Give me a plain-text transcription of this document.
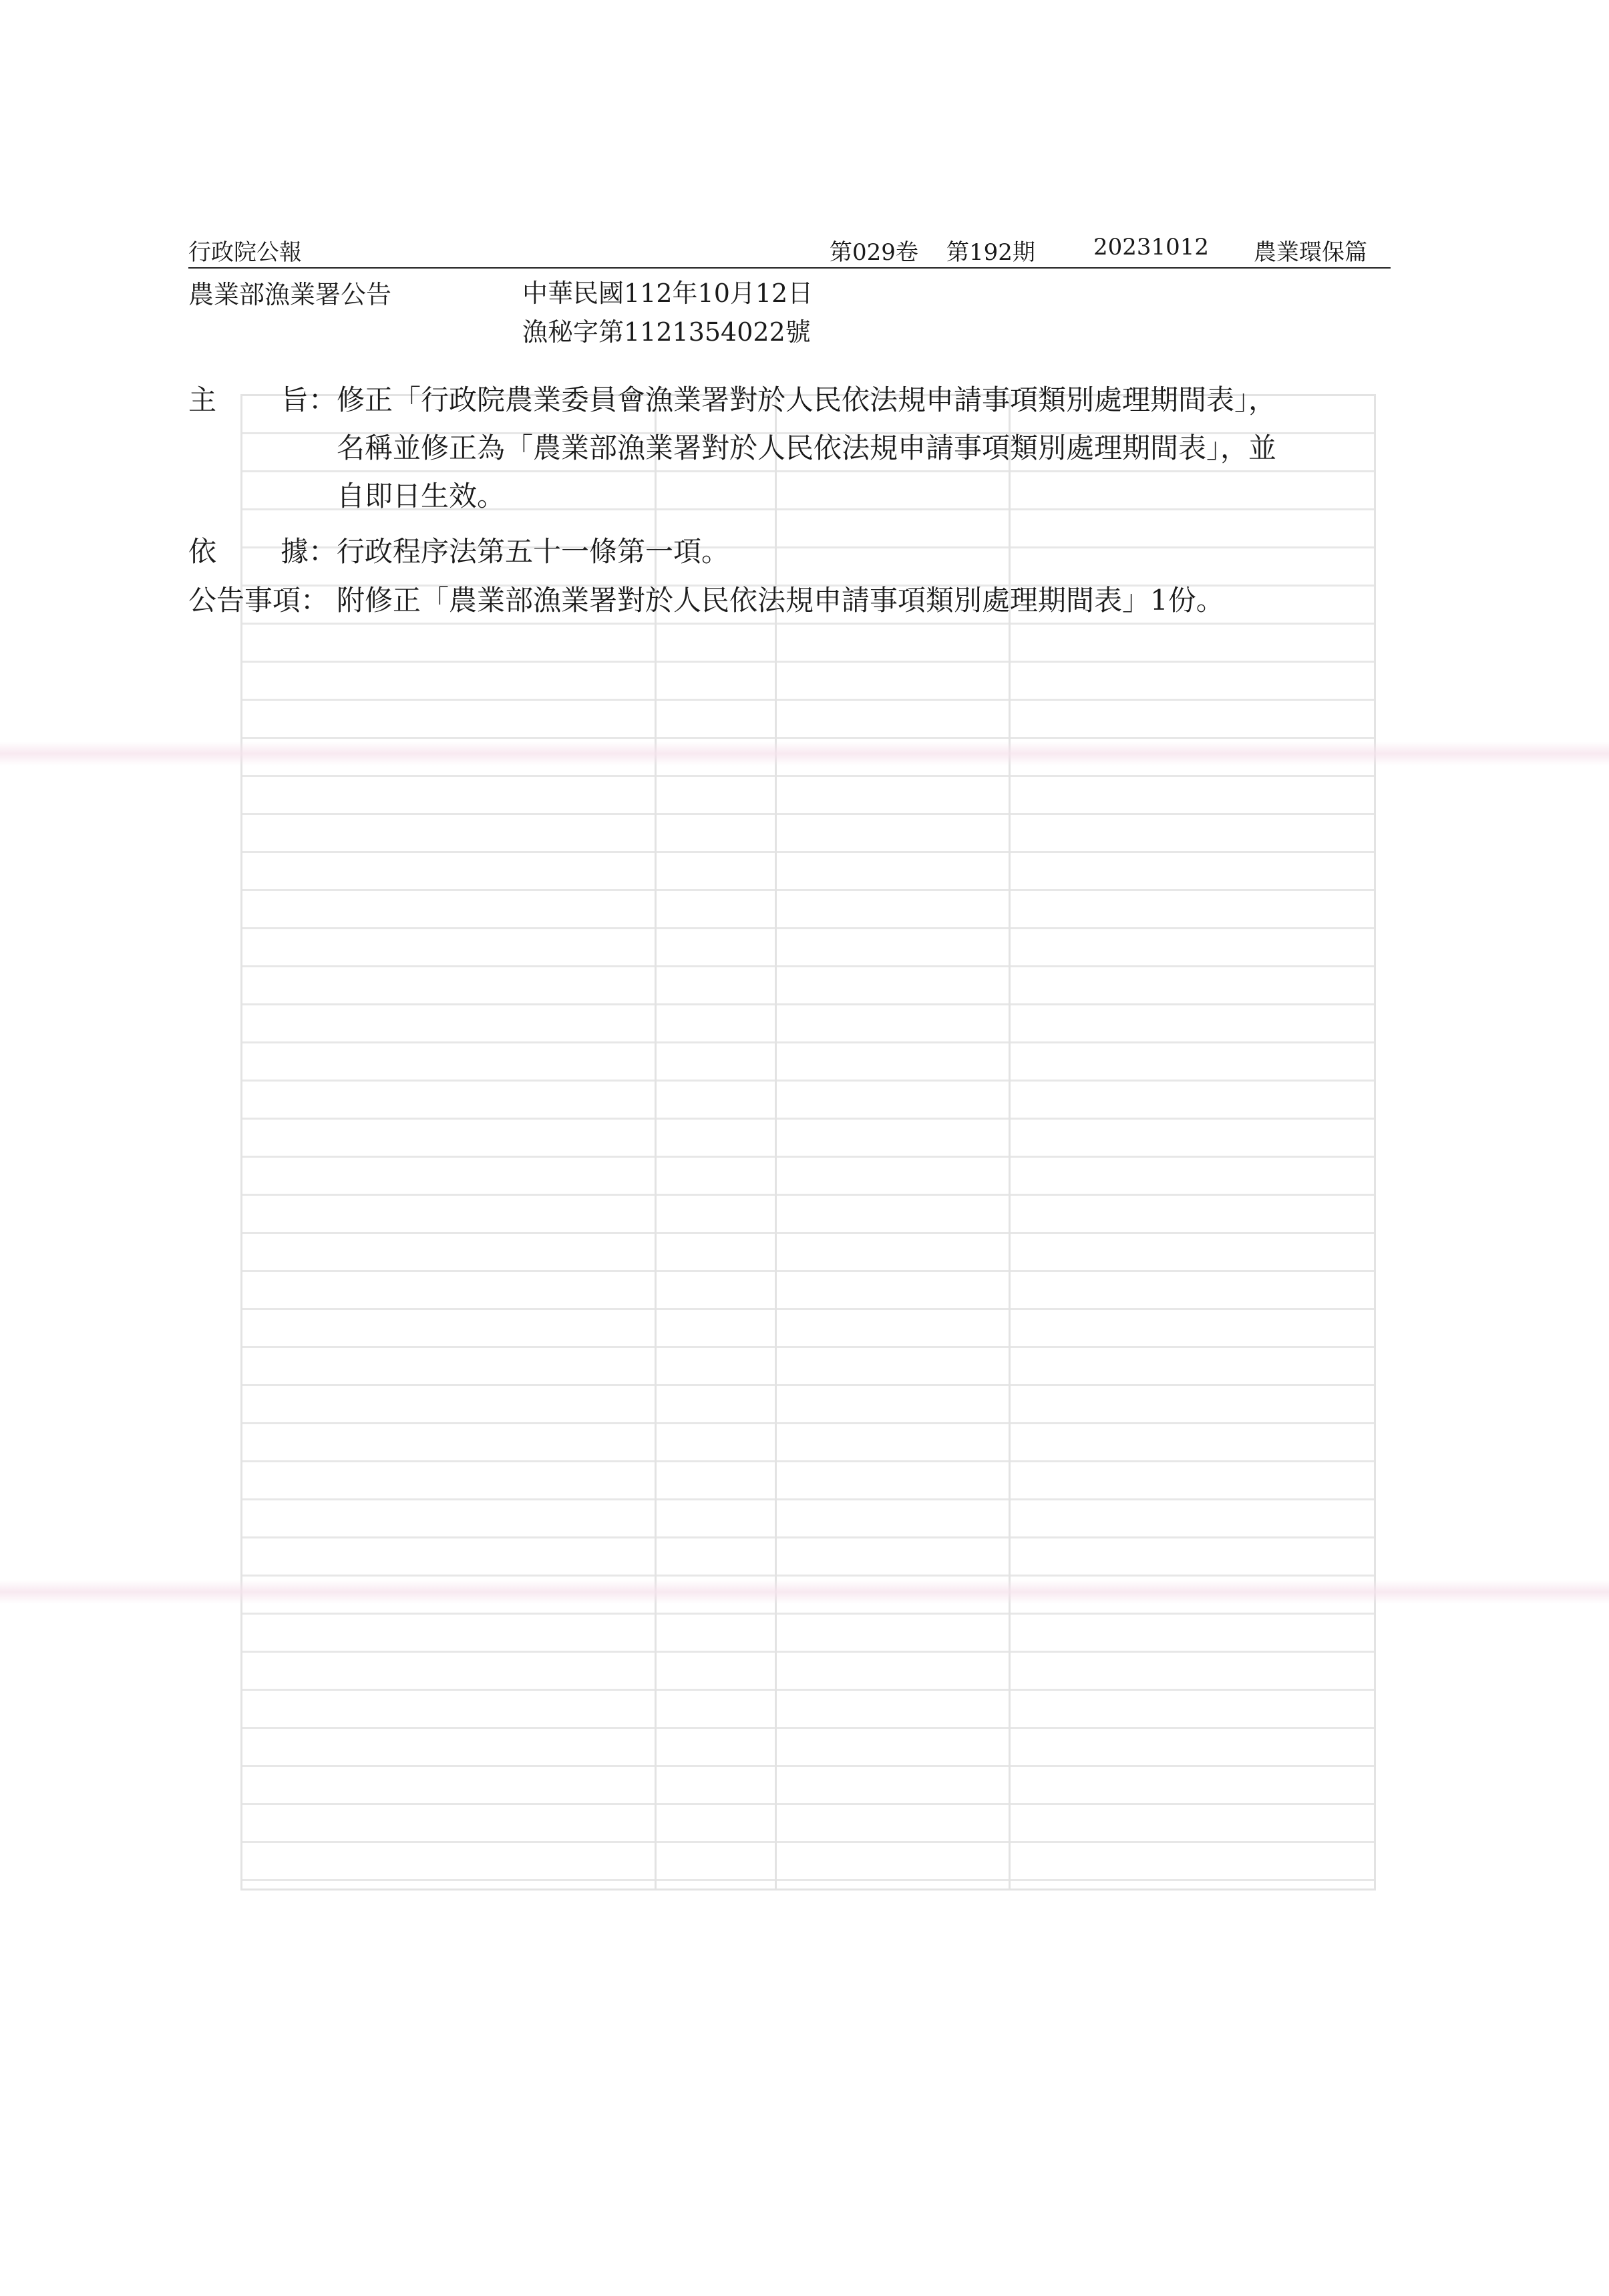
行政院公報	第029卷 第192期	20231012 農業環保篇
農業部漁業署公告	中華民國112年10月12日
漁秘字第1121354022號
主 旨： 修正「行政院農業委員會漁業署對於人民依法規申請事項類別處理期間表」，
名稱並修正為「農業部漁業署對於人民依法規申請事項類別處理期間表」，並
自即日生效。
依 據： 行政程序法第五十一條第一項。
公告事項： 附修正「農業部漁業署對於人民依法規申請事項類別處理期間表」1份。
